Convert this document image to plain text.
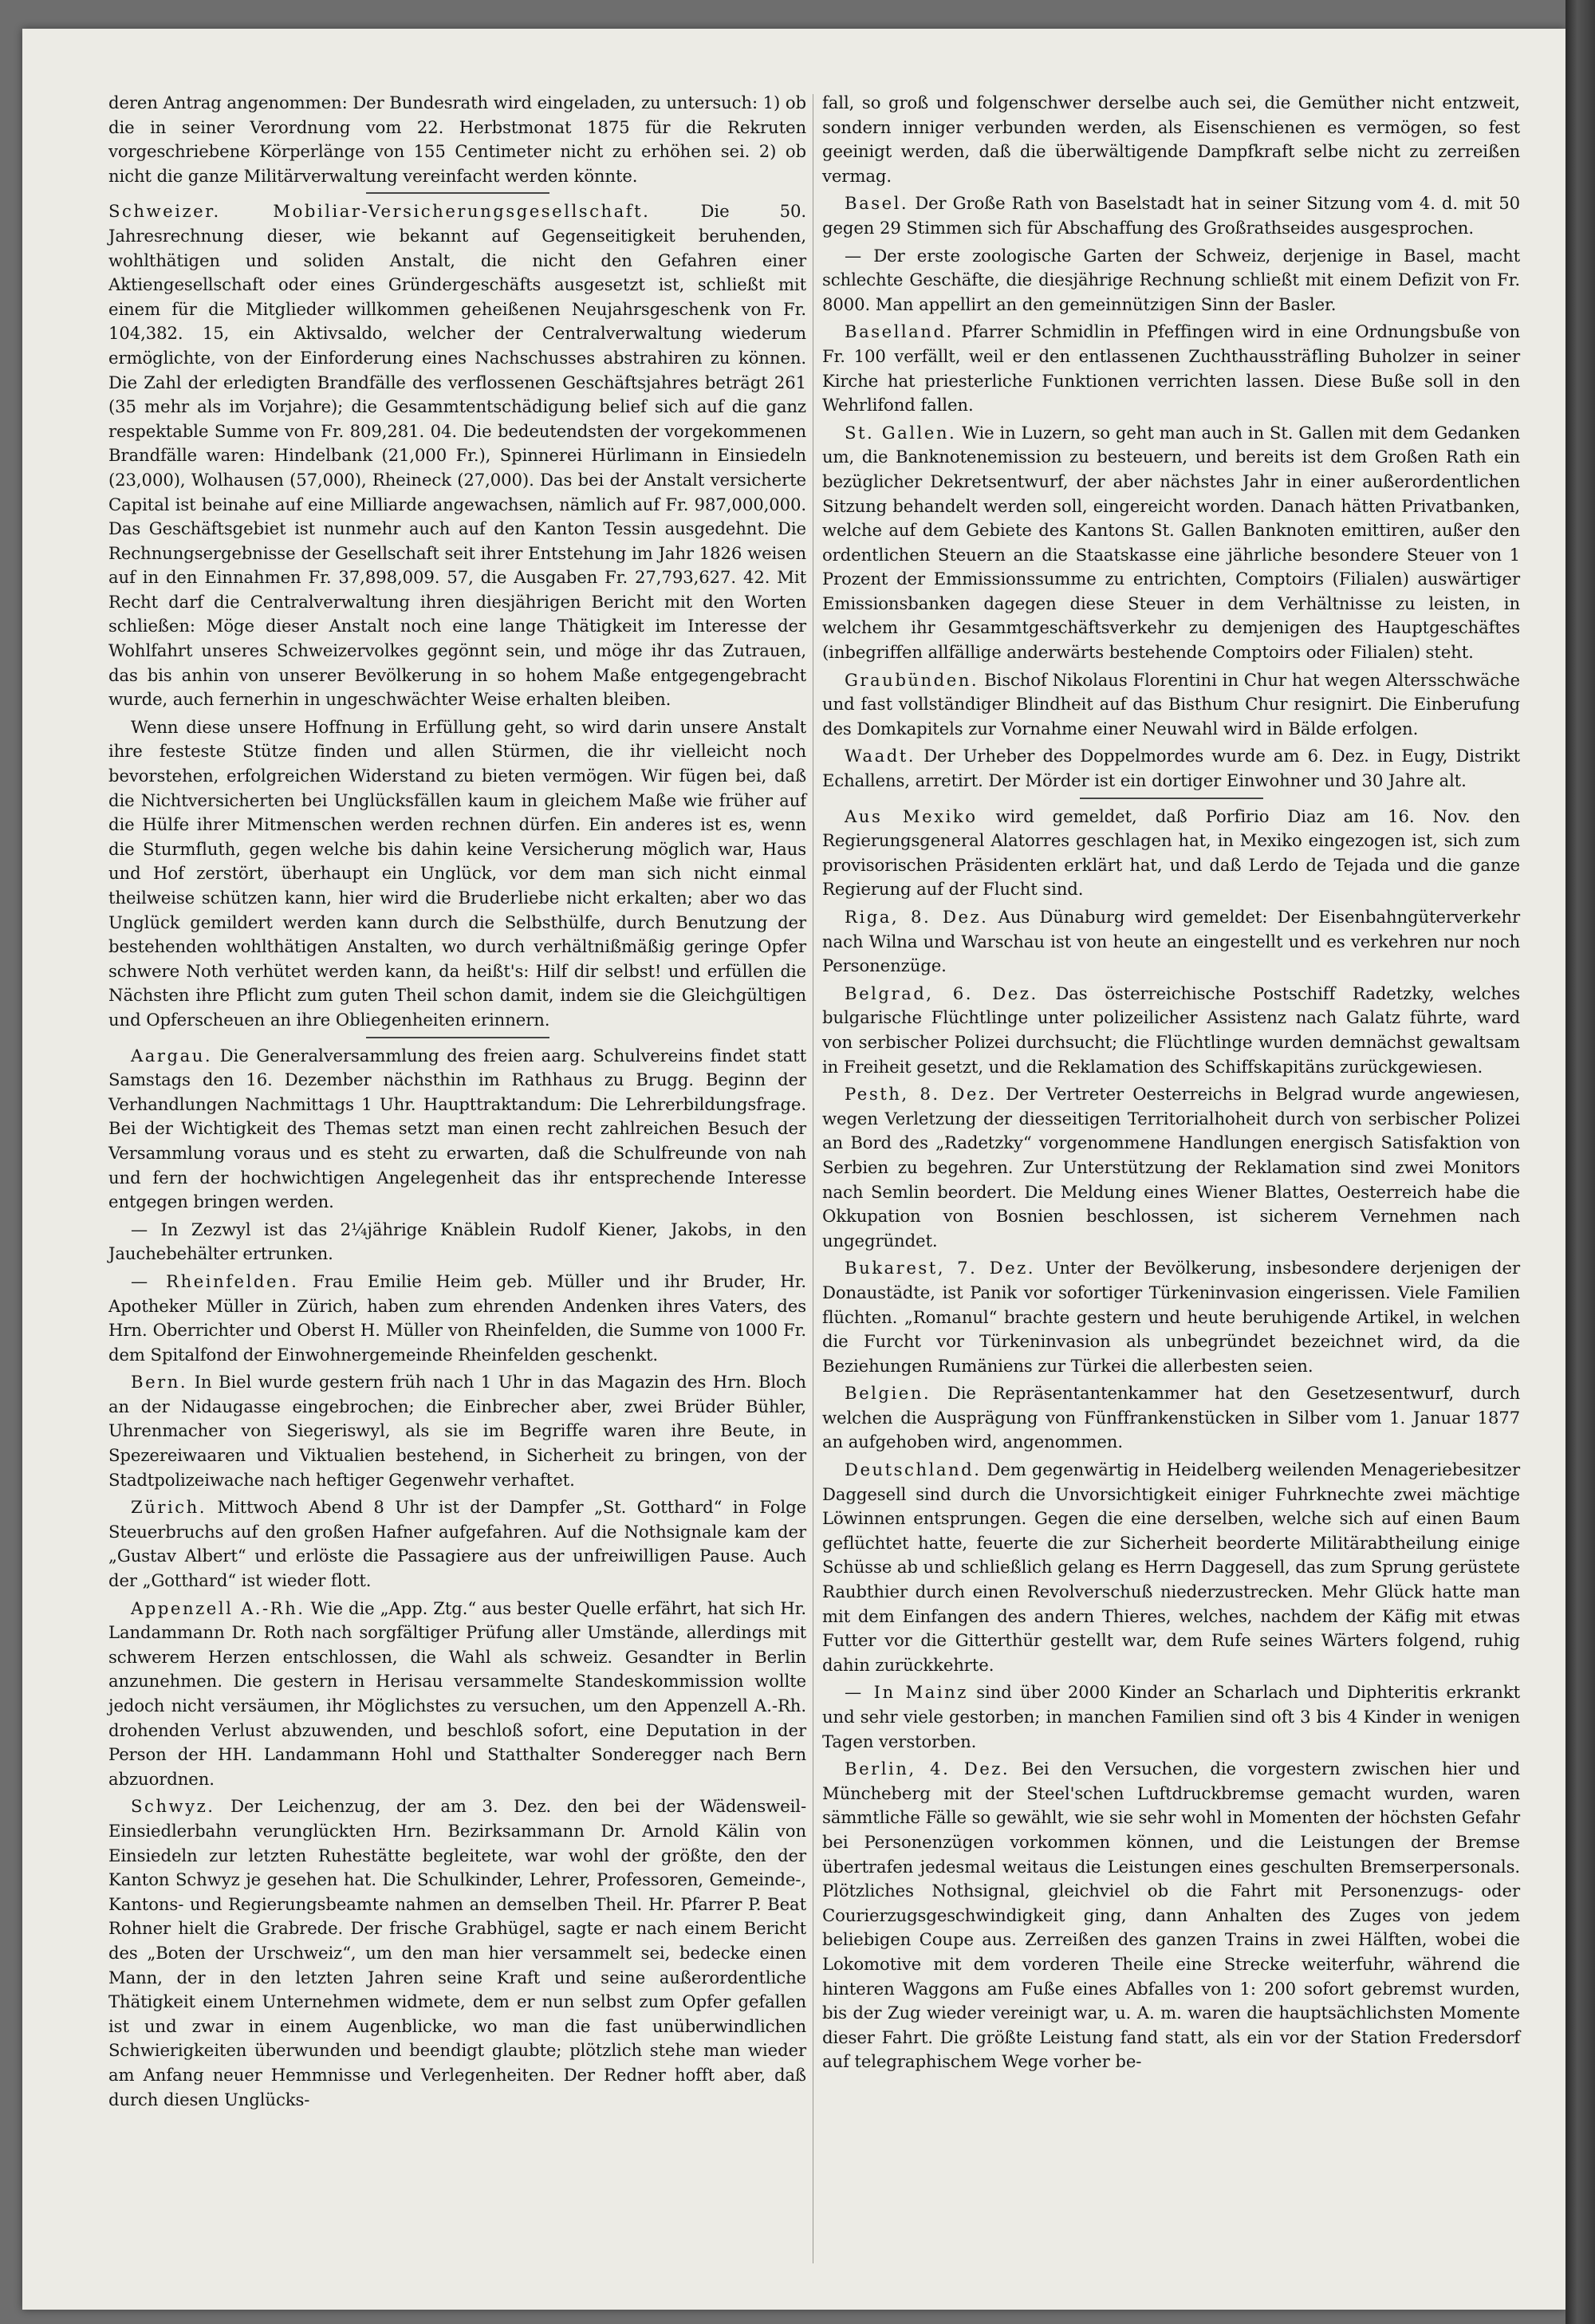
deren Antrag angenommen: Der Bundesrath wird eingeladen, zu untersuch: 1) ob die in seiner Verordnung vom 22. Herbstmonat 1875 für die Rekruten vorgeschriebene Körperlänge von 155 Centimeter nicht zu erhöhen sei. 2) ob nicht die ganze Militärverwaltung vereinfacht werden könnte.

Schweizer. Mobiliar-Versicherungsgesellschaft.	Die 50. Jahresrechnung dieser, wie bekannt auf Gegenseitigkeit beruhenden, wohlthätigen und soliden Anstalt, die nicht den Gefahren einer Aktiengesellschaft oder eines Gründergeschäfts ausgesetzt ist, schließt mit einem für die Mitglieder willkommen geheißenen Neujahrsgeschenk von Fr. 104,382. 15, ein Aktivsaldo, welcher der Centralverwaltung wiederum ermöglichte, von der Einforderung eines Nachschusses abstrahiren zu können. Die Zahl der erledigten Brandfälle des verflossenen Geschäftsjahres beträgt 261 (35 mehr als im Vorjahre); die Gesammtentschädigung belief sich auf die ganz respektable Summe von Fr. 809,281. 04. Die bedeutendsten der vorgekommenen Brandfälle waren: Hindelbank (21,000 Fr.), Spinnerei Hürlimann in Einsiedeln (23,000), Wolhausen (57,000), Rheineck (27,000). Das bei der Anstalt versicherte Capital ist beinahe auf eine Milliarde angewachsen, nämlich auf Fr. 987,000,000. Das Geschäftsgebiet ist nunmehr auch auf den Kanton Tessin ausgedehnt. Die Rechnungsergebnisse der Gesellschaft seit ihrer Entstehung im Jahr 1826 weisen auf in den Einnahmen Fr. 37,898,009. 57, die Ausgaben Fr. 27,793,627. 42. Mit Recht darf die Centralverwaltung ihren diesjährigen Bericht mit den Worten schließen: Möge dieser Anstalt noch eine lange Thätigkeit im Interesse der Wohlfahrt unseres Schweizervolkes gegönnt sein, und möge ihr das Zutrauen, das bis anhin von unserer Bevölkerung in so hohem Maße entgegengebracht wurde, auch fernerhin in ungeschwächter Weise erhalten bleiben.

Wenn diese unsere Hoffnung in Erfüllung geht, so wird darin unsere Anstalt ihre festeste Stütze finden und allen Stürmen, die ihr vielleicht noch bevorstehen, erfolgreichen Widerstand zu bieten vermögen. Wir fügen bei, daß die Nichtversicherten bei Unglücksfällen kaum in gleichem Maße wie früher auf die Hülfe ihrer Mitmenschen werden rechnen dürfen. Ein anderes ist es, wenn die Sturmfluth, gegen welche bis dahin keine Versicherung möglich war, Haus und Hof zerstört, überhaupt ein Unglück, vor dem man sich nicht einmal theilweise schützen kann, hier wird die Bruderliebe nicht erkalten; aber wo das Unglück gemildert werden kann durch die Selbsthülfe, durch Benutzung der bestehenden wohlthätigen Anstalten, wo durch verhältnißmäßig geringe Opfer schwere Noth verhütet werden kann, da heißt's: Hilf dir selbst! und erfüllen die Nächsten ihre Pflicht zum guten Theil schon damit, indem sie die Gleichgültigen und Opferscheuen an ihre Obliegenheiten erinnern.

Aargau. Die Generalversammlung des freien aarg. Schulvereins findet statt Samstags den 16. Dezember nächsthin im Rathhaus zu Brugg. Beginn der Verhandlungen Nachmittags 1 Uhr. Haupttraktandum: Die Lehrerbildungsfrage. Bei der Wichtigkeit des Themas setzt man einen recht zahlreichen Besuch der Versammlung voraus und es steht zu erwarten, daß die Schulfreunde von nah und fern der hochwichtigen Angelegenheit das ihr entsprechende Interesse entgegen bringen werden.

— In Zezwyl ist das 2¼jährige Knäblein Rudolf Kiener, Jakobs, in den Jauchebehälter ertrunken.

— Rheinfelden. Frau Emilie Heim geb. Müller und ihr Bruder, Hr. Apotheker Müller in Zürich, haben zum ehrenden Andenken ihres Vaters, des Hrn. Oberrichter und Oberst H. Müller von Rheinfelden, die Summe von 1000 Fr. dem Spitalfond der Einwohnergemeinde Rheinfelden geschenkt.

Bern. In Biel wurde gestern früh nach 1 Uhr in das Magazin des Hrn. Bloch an der Nidaugasse eingebrochen; die Einbrecher aber, zwei Brüder Bühler, Uhrenmacher von Siegeriswyl, als sie im Begriffe waren ihre Beute, in Spezereiwaaren und Viktualien bestehend, in Sicherheit zu bringen, von der Stadtpolizeiwache nach heftiger Gegenwehr verhaftet.

Zürich. Mittwoch Abend 8 Uhr ist der Dampfer „St. Gotthard“ in Folge Steuerbruchs auf den großen Hafner aufgefahren. Auf die Nothsignale kam der „Gustav Albert“ und erlöste die Passagiere aus der unfreiwilligen Pause. Auch der „Gotthard“ ist wieder flott.

Appenzell A.-Rh. Wie die „App. Ztg.“ aus bester Quelle erfährt, hat sich Hr. Landammann Dr. Roth nach sorgfältiger Prüfung aller Umstände, allerdings mit schwerem Herzen entschlossen, die Wahl als schweiz. Gesandter in Berlin anzunehmen. Die gestern in Herisau versammelte Standeskommission wollte jedoch nicht versäumen, ihr Möglichstes zu versuchen, um den Appenzell A.-Rh. drohenden Verlust abzuwenden, und beschloß sofort, eine Deputation in der Person der HH. Landammann Hohl und Statthalter Sonderegger nach Bern abzuordnen.

Schwyz. Der Leichenzug, der am 3. Dez. den bei der Wädensweil-Einsiedlerbahn verunglückten Hrn. Bezirksammann Dr. Arnold Kälin von Einsiedeln zur letzten Ruhestätte begleitete, war wohl der größte, den der Kanton Schwyz je gesehen hat. Die Schulkinder, Lehrer, Professoren, Gemeinde-, Kantons- und Regierungsbeamte nahmen an demselben Theil. Hr. Pfarrer P. Beat Rohner hielt die Grabrede. Der frische Grabhügel, sagte er nach einem Bericht des „Boten der Urschweiz“, um den man hier versammelt sei, bedecke einen Mann, der in den letzten Jahren seine Kraft und seine außerordentliche Thätigkeit einem Unternehmen widmete, dem er nun selbst zum Opfer gefallen ist und zwar in einem Augenblicke, wo man die fast unüberwindlichen Schwierigkeiten überwunden und beendigt glaubte; plötzlich stehe man wieder am Anfang neuer Hemmnisse und Verlegenheiten. Der Redner hofft aber, daß durch diesen Unglücks-

fall, so groß und folgenschwer derselbe auch sei, die Gemüther nicht entzweit, sondern inniger verbunden werden, als Eisenschienen es vermögen, so fest geeinigt werden, daß die überwältigende Dampfkraft selbe nicht zu zerreißen vermag.

Basel. Der Große Rath von Baselstadt hat in seiner Sitzung vom 4. d. mit 50 gegen 29 Stimmen sich für Abschaffung des Großrathseides ausgesprochen.

— Der erste zoologische Garten der Schweiz, derjenige in Basel, macht schlechte Geschäfte, die diesjährige Rechnung schließt mit einem Defizit von Fr. 8000. Man appellirt an den gemeinnützigen Sinn der Basler.

Baselland. Pfarrer Schmidlin in Pfeffingen wird in eine Ordnungsbuße von Fr. 100 verfällt, weil er den entlassenen Zuchthaussträfling Buholzer in seiner Kirche hat priesterliche Funktionen verrichten lassen. Diese Buße soll in den Wehrlifond fallen.

St. Gallen. Wie in Luzern, so geht man auch in St. Gallen mit dem Gedanken um, die Banknotenemission zu besteuern, und bereits ist dem Großen Rath ein bezüglicher Dekretsentwurf, der aber nächstes Jahr in einer außerordentlichen Sitzung behandelt werden soll, eingereicht worden. Danach hätten Privatbanken, welche auf dem Gebiete des Kantons St. Gallen Banknoten emittiren, außer den ordentlichen Steuern an die Staatskasse eine jährliche besondere Steuer von 1 Prozent der Emmissionssumme zu entrichten, Comptoirs (Filialen) auswärtiger Emissionsbanken dagegen diese Steuer in dem Verhältnisse zu leisten, in welchem ihr Gesammtgeschäftsverkehr zu demjenigen des Hauptgeschäftes (inbegriffen allfällige anderwärts bestehende Comptoirs oder Filialen) steht.

Graubünden. Bischof Nikolaus Florentini in Chur hat wegen Altersschwäche und fast vollständiger Blindheit auf das Bisthum Chur resignirt. Die Einberufung des Domkapitels zur Vornahme einer Neuwahl wird in Bälde erfolgen.

Waadt. Der Urheber des Doppelmordes wurde am 6. Dez. in Eugy, Distrikt Echallens, arretirt. Der Mörder ist ein dortiger Einwohner und 30 Jahre alt.

Aus Mexiko wird gemeldet, daß Porfirio Diaz am 16. Nov. den Regierungsgeneral Alatorres geschlagen hat, in Mexiko eingezogen ist, sich zum provisorischen Präsidenten erklärt hat, und daß Lerdo de Tejada und die ganze Regierung auf der Flucht sind.

Riga, 8. Dez. Aus Dünaburg wird gemeldet: Der Eisenbahngüterverkehr nach Wilna und Warschau ist von heute an eingestellt und es verkehren nur noch Personenzüge.

Belgrad, 6. Dez. Das österreichische Postschiff Radetzky, welches bulgarische Flüchtlinge unter polizeilicher Assistenz nach Galatz führte, ward von serbischer Polizei durchsucht; die Flüchtlinge wurden demnächst gewaltsam in Freiheit gesetzt, und die Reklamation des Schiffskapitäns zurückgewiesen.

Pesth, 8. Dez. Der Vertreter Oesterreichs in Belgrad wurde angewiesen, wegen Verletzung der diesseitigen Territorialhoheit durch von serbischer Polizei an Bord des „Radetzky“ vorgenommene Handlungen energisch Satisfaktion von Serbien zu begehren. Zur Unterstützung der Reklamation sind zwei Monitors nach Semlin beordert. Die Meldung eines Wiener Blattes, Oesterreich habe die Okkupation von Bosnien beschlossen, ist sicherem Vernehmen nach ungegründet.

Bukarest, 7. Dez. Unter der Bevölkerung, insbesondere derjenigen der Donaustädte, ist Panik vor sofortiger Türkeninvasion eingerissen. Viele Familien flüchten. „Romanul“ brachte gestern und heute beruhigende Artikel, in welchen die Furcht vor Türkeninvasion als unbegründet bezeichnet wird, da die Beziehungen Rumäniens zur Türkei die allerbesten seien.

Belgien. Die Repräsentantenkammer hat den Gesetzesentwurf, durch welchen die Ausprägung von Fünffrankenstücken in Silber vom 1. Januar 1877 an aufgehoben wird, angenommen.

Deutschland. Dem gegenwärtig in Heidelberg weilenden Menageriebesitzer Daggesell sind durch die Unvorsichtigkeit einiger Fuhrknechte zwei mächtige Löwinnen entsprungen. Gegen die eine derselben, welche sich auf einen Baum geflüchtet hatte, feuerte die zur Sicherheit beorderte Militärabtheilung einige Schüsse ab und schließlich gelang es Herrn Daggesell, das zum Sprung gerüstete Raubthier durch einen Revolverschuß niederzustrecken. Mehr Glück hatte man mit dem Einfangen des andern Thieres, welches, nachdem der Käfig mit etwas Futter vor die Gitterthür gestellt war, dem Rufe seines Wärters folgend, ruhig dahin zurückkehrte.

— In Mainz sind über 2000 Kinder an Scharlach und Diphteritis erkrankt und sehr viele gestorben; in manchen Familien sind oft 3 bis 4 Kinder in wenigen Tagen verstorben.

Berlin, 4. Dez. Bei den Versuchen, die vorgestern zwischen hier und Müncheberg mit der Steel'schen Luftdruckbremse gemacht wurden, waren sämmtliche Fälle so gewählt, wie sie sehr wohl in Momenten der höchsten Gefahr bei Personenzügen vorkommen können, und die Leistungen der Bremse übertrafen jedesmal weitaus die Leistungen eines geschulten Bremserpersonals. Plötzliches Nothsignal, gleichviel ob die Fahrt mit Personenzugs- oder Courierzugsgeschwindigkeit ging, dann Anhalten des Zuges von jedem beliebigen Coupe aus. Zerreißen des ganzen Trains in zwei Hälften, wobei die Lokomotive mit dem vorderen Theile eine Strecke weiterfuhr, während die hinteren Waggons am Fuße eines Abfalles von 1: 200 sofort gebremst wurden, bis der Zug wieder vereinigt war, u. A. m. waren die hauptsächlichsten Momente dieser Fahrt. Die größte Leistung fand statt, als ein vor der Station Fredersdorf auf telegraphischem Wege vorher be-
